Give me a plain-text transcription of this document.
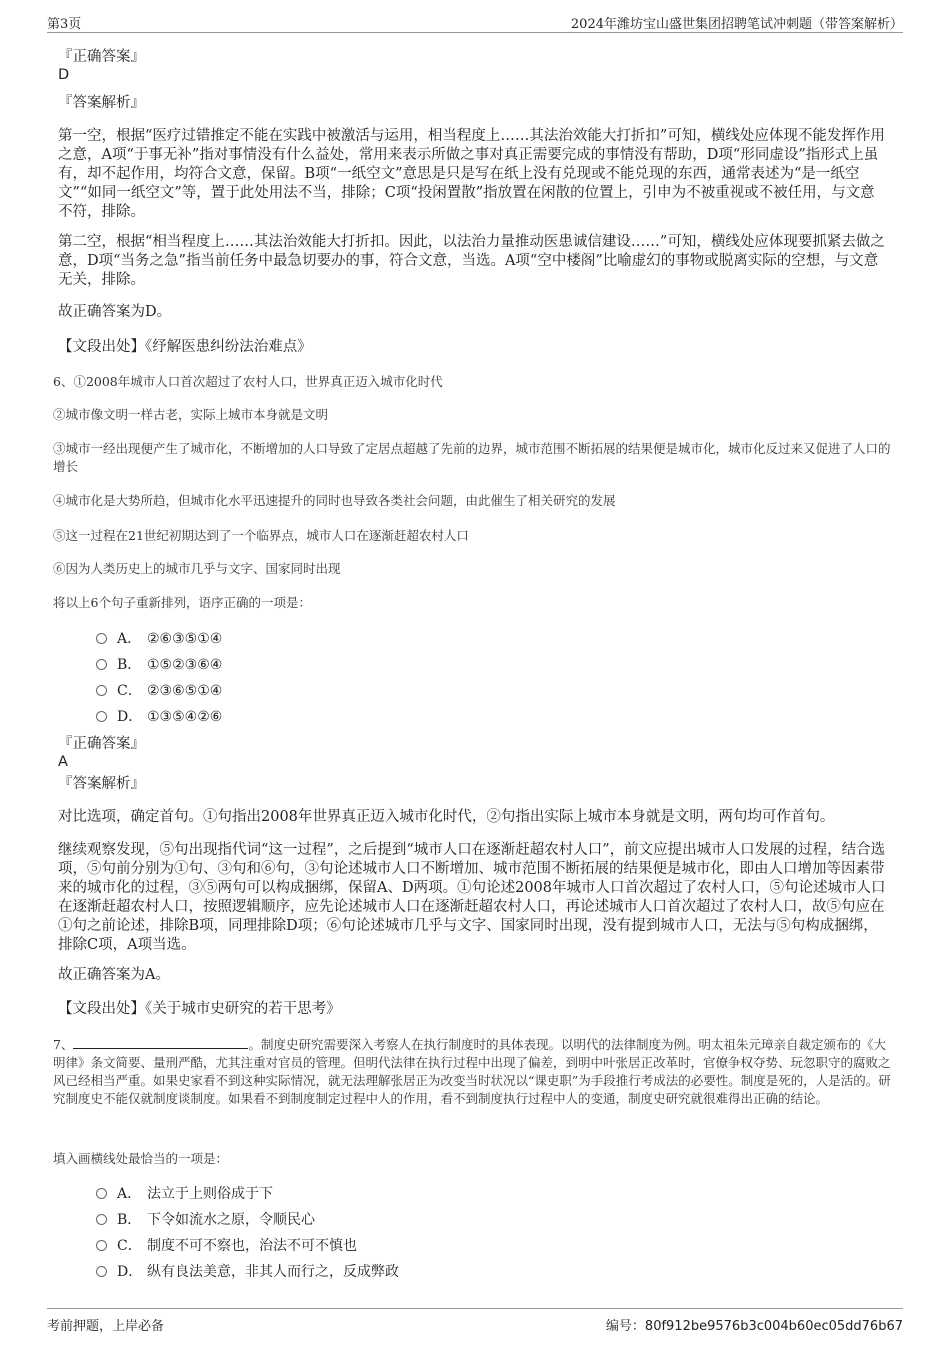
第3页	2024年潍坊宝山盛世集团招聘笔试冲刺题（带答案解析）
『正确答案』
D
『答案解析』
第一空，根据“医疗过错推定不能在实践中被激活与运用，相当程度上……其法治效能大打折扣”可知，横线处应体现不能发挥作用之意，A项“于事无补”指对事情没有什么益处，常用来表示所做之事对真正需要完成的事情没有帮助，D项“形同虚设”指形式上虽有，却不起作用，均符合文意，保留。B项“一纸空文”意思是只是写在纸上没有兑现或不能兑现的东西，通常表述为“是一纸空文”“如同一纸空文”等，置于此处用法不当，排除；C项“投闲置散”指放置在闲散的位置上，引申为不被重视或不被任用，与文意不符，排除。
第二空，根据“相当程度上……其法治效能大打折扣。因此，以法治力量推动医患诚信建设……”可知，横线处应体现要抓紧去做之意，D项“当务之急”指当前任务中最急切要办的事，符合文意，当选。A项“空中楼阁”比喻虚幻的事物或脱离实际的空想，与文意无关，排除。
故正确答案为D。
【文段出处】《纾解医患纠纷法治难点》
6、①2008年城市人口首次超过了农村人口，世界真正迈入城市化时代
②城市像文明一样古老，实际上城市本身就是文明
③城市一经出现便产生了城市化，不断增加的人口导致了定居点超越了先前的边界，城市范围不断拓展的结果便是城市化，城市化反过来又促进了人口的增长
④城市化是大势所趋，但城市化水平迅速提升的同时也导致各类社会问题，由此催生了相关研究的发展
⑤这一过程在21世纪初期达到了一个临界点，城市人口在逐渐赶超农村人口
⑥因为人类历史上的城市几乎与文字、国家同时出现
将以上6个句子重新排列，语序正确的一项是：
A． ②⑥③⑤①④
B． ①⑤②③⑥④
C． ②③⑥⑤①④
D． ①③⑤④②⑥
『正确答案』
A
『答案解析』
对比选项，确定首句。①句指出2008年世界真正迈入城市化时代，②句指出实际上城市本身就是文明，两句均可作首句。
继续观察发现，⑤句出现指代词“这一过程”，之后提到“城市人口在逐渐赶超农村人口”，前文应提出城市人口发展的过程，结合选项，⑤句前分别为①句、③句和⑥句，③句论述城市人口不断增加、城市范围不断拓展的结果便是城市化，即由人口增加等因素带来的城市化的过程，③⑤两句可以构成捆绑，保留A、D两项。①句论述2008年城市人口首次超过了农村人口，⑤句论述城市人口在逐渐赶超农村人口，按照逻辑顺序，应先论述城市人口在逐渐赶超农村人口，再论述城市人口首次超过了农村人口，故⑤句应在①句之前论述，排除B项，同理排除D项；⑥句论述城市几乎与文字、国家同时出现，没有提到城市人口，无法与⑤句构成捆绑，排除C项，A项当选。
故正确答案为A。
【文段出处】《关于城市史研究的若干思考》
7、	。制度史研究需要深入考察人在执行制度时的具体表现。以明代的法律制度为例。明太祖朱元璋亲自裁定颁布的《大明律》条文简要、量刑严酷，尤其注重对官员的管理。但明代法律在执行过程中出现了偏差，到明中叶张居正改革时，官僚争权夺势、玩忽职守的腐败之风已经相当严重。如果史家看不到这种实际情况，就无法理解张居正为改变当时状况以“课吏职”为手段推行考成法的必要性。制度是死的，人是活的。研究制度史不能仅就制度谈制度。如果看不到制度制定过程中人的作用，看不到制度执行过程中人的变通，制度史研究就很难得出正确的结论。
填入画横线处最恰当的一项是：
A． 法立于上则俗成于下
B． 下令如流水之原，令顺民心
C． 制度不可不察也，治法不可不慎也
D． 纵有良法美意，非其人而行之，反成弊政
考前押题，上岸必备	编号：80f912be9576b3c004b60ec05dd76b67
